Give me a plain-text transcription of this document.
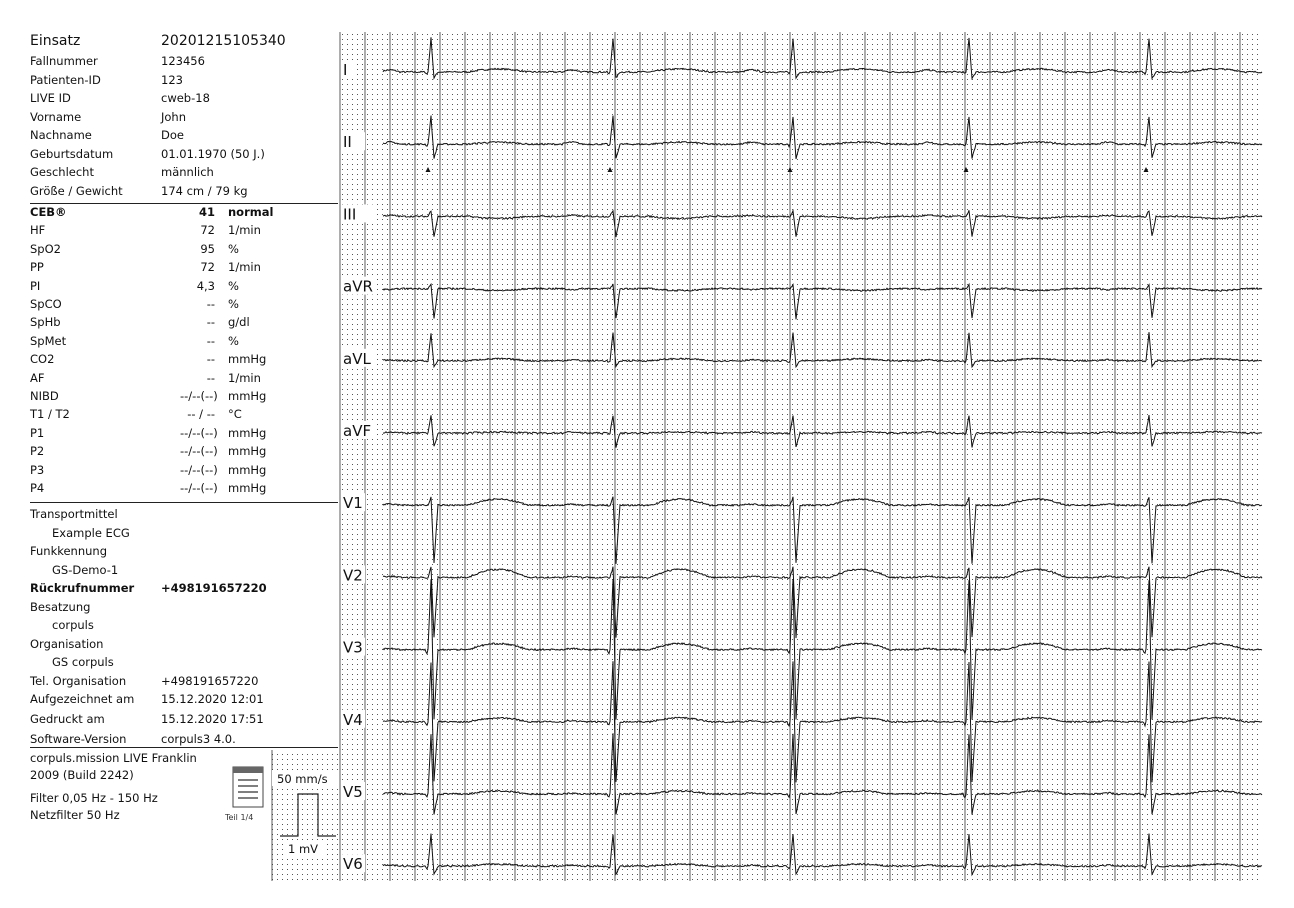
I
II
III
aVR
aVL
aVF
V1
V2
V3
V4
V5
V6
50 mm/s
1 mV
Einsatz	20201215105340
Fallnummer	123456
Patienten-ID	123
LIVE ID	cweb-18
Vorname	John
Nachname	Doe
Geburtsdatum	01.01.1970 (50 J.)
Geschlecht	männlich
Größe / Gewicht	174 cm / 79 kg
CEB®	41 normal
HF	72 1/min
SpO2	95 %
PP	72 1/min
PI	4,3 %
SpCO	-- %
SpHb	-- g/dl
SpMet	-- %
CO2	-- mmHg
AF	-- 1/min
NIBD	--/--(--) mmHg
T1 / T2	-- / -- °C
P1	--/--(--) mmHg
P2	--/--(--) mmHg
P3	--/--(--) mmHg
P4	--/--(--) mmHg
Transportmittel
Example ECG
Funkkennung
GS-Demo-1
Rückrufnummer +498191657220
Besatzung
corpuls
Organisation
GS corpuls
Tel. Organisation	+498191657220
Aufgezeichnet am 15.12.2020 12:01
Gedruckt am	15.12.2020 17:51
Software-Version	corpuls3 4.0.
corpuls.mission LIVE Franklin
2009 (Build 2242)
Filter 0,05 Hz - 150 Hz
Netzfilter 50 Hz	Teil 1/4
